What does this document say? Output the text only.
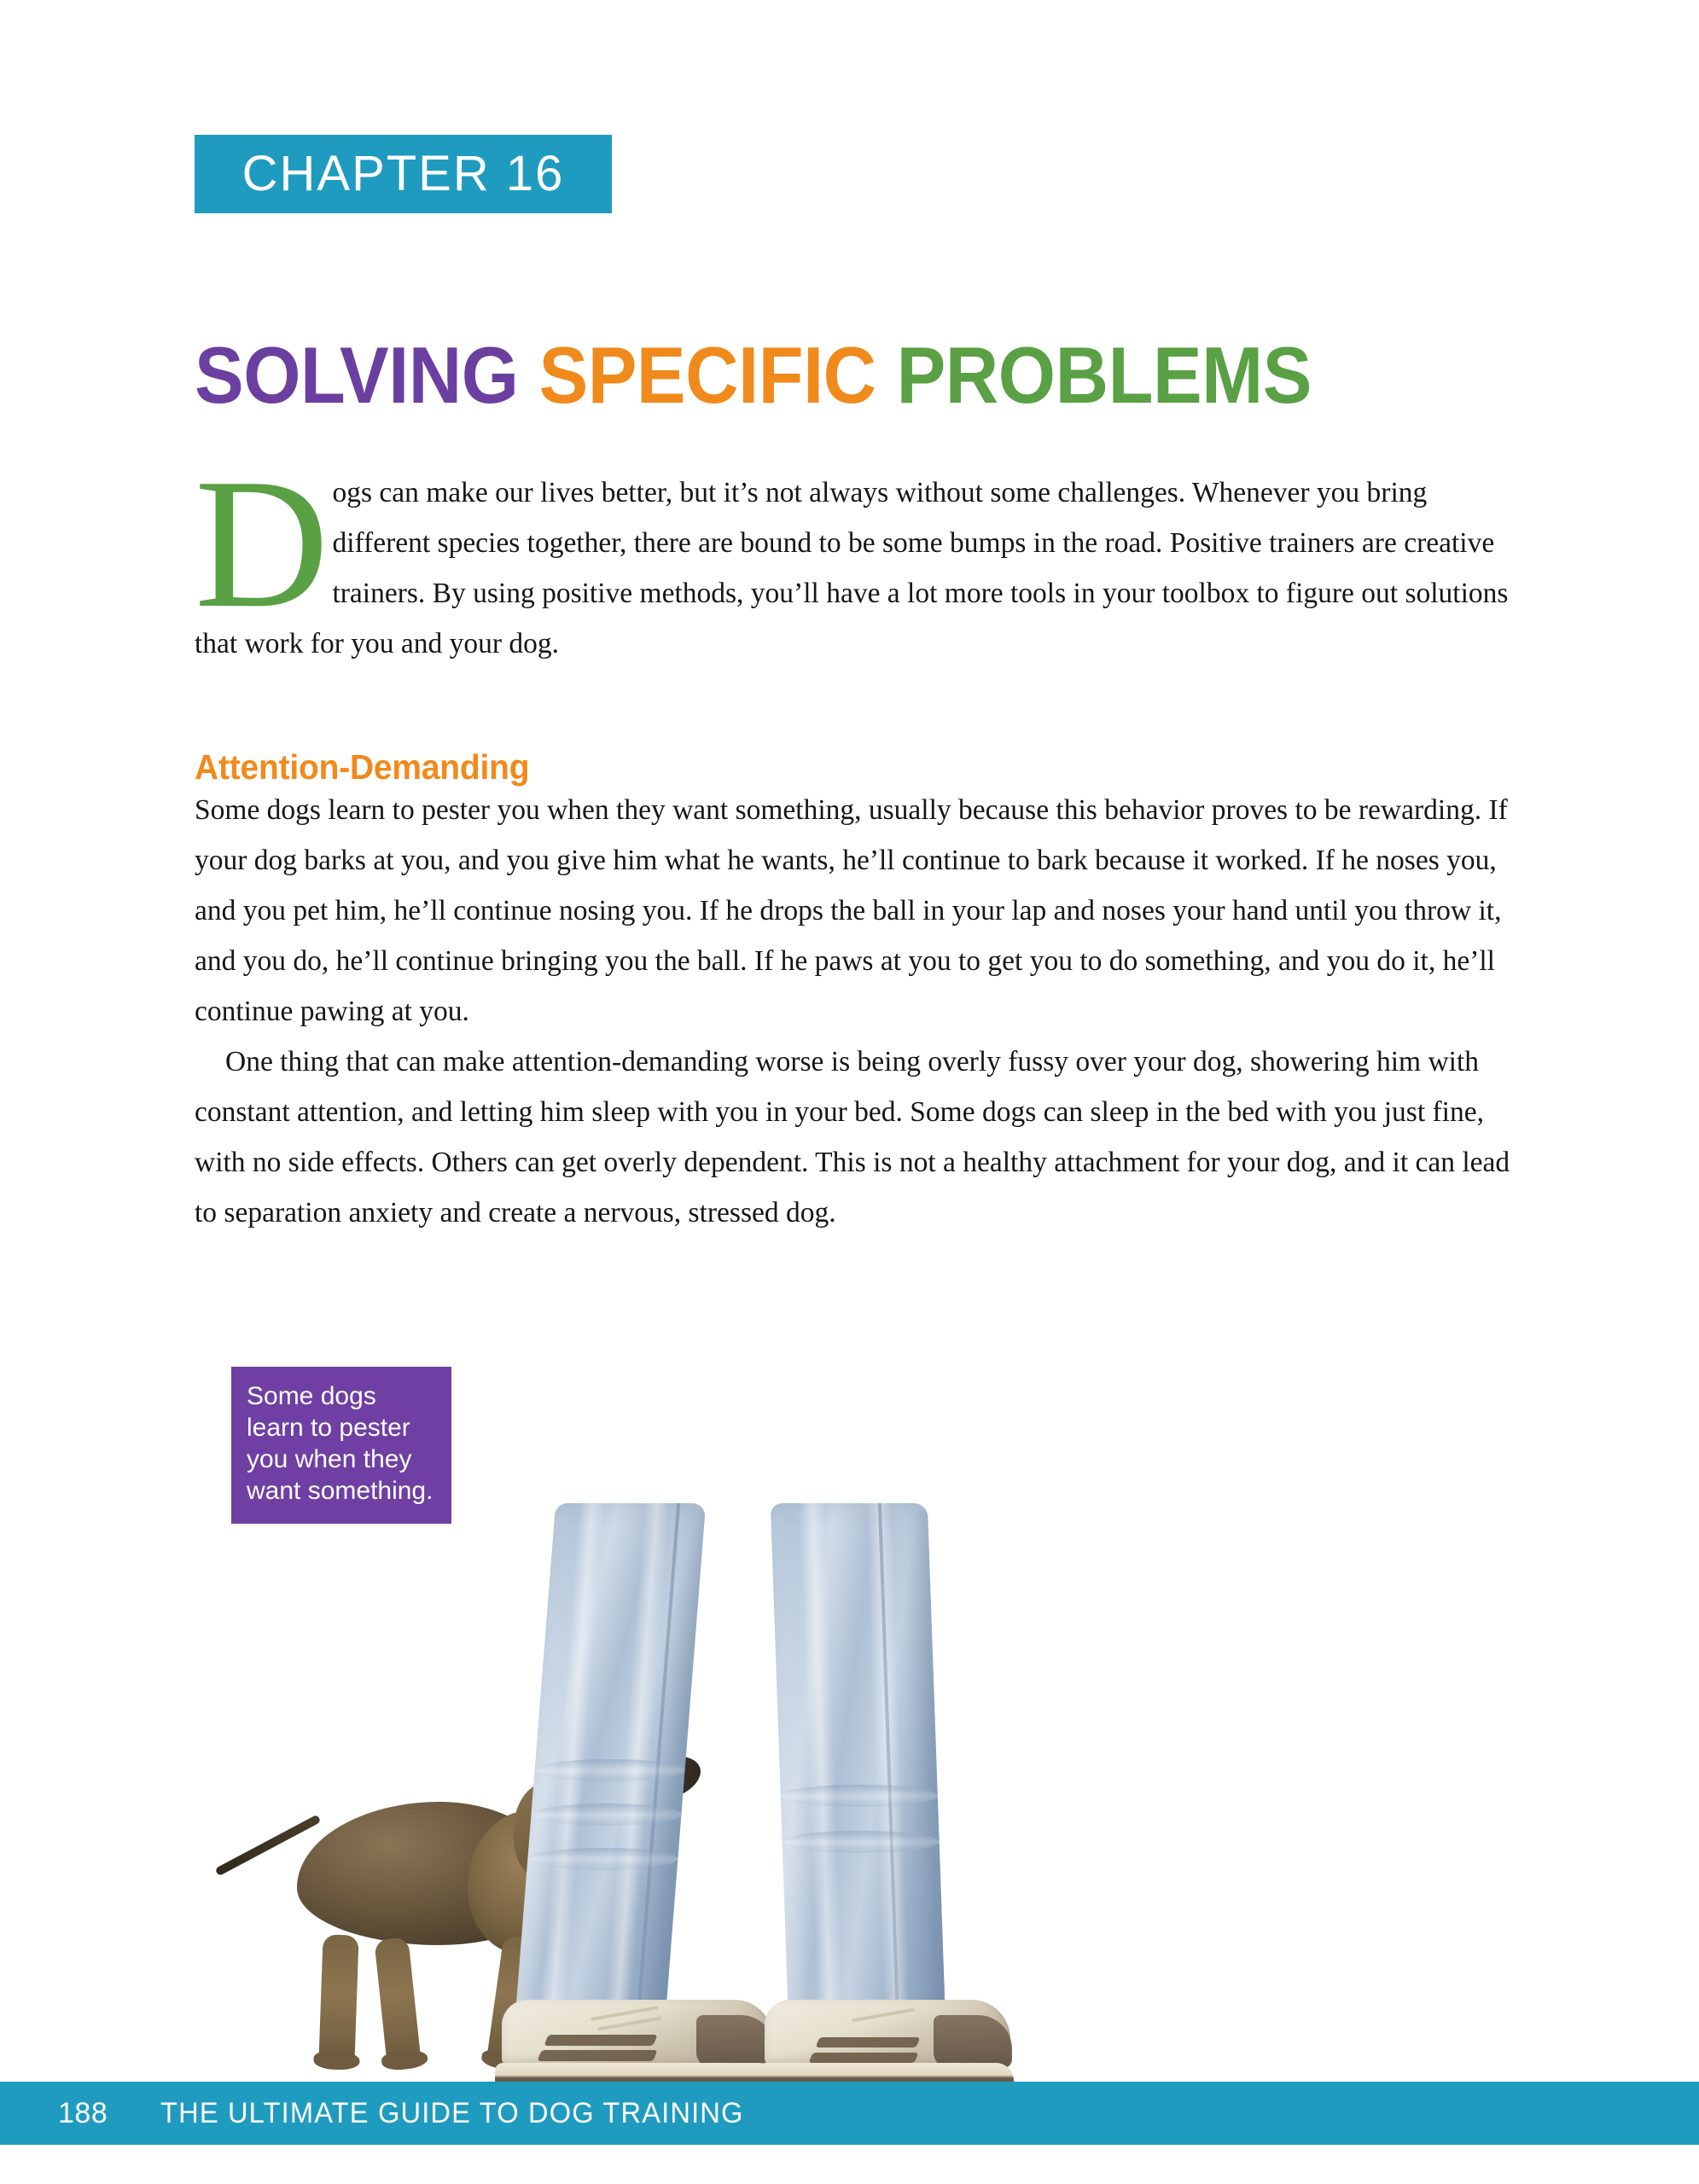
CHAPTER 16
SOLVING SPECIFIC PROBLEMS
D ogs can make our lives better, but it’s not always without some challenges. Whenever you bring different species together, there are bound to be some bumps in the road. Positive trainers are creative trainers. By using positive methods, you’ll have a lot more tools in your toolbox to figure out solutions that work for you and your dog.

Attention-Demanding

Some dogs learn to pester you when they want something, usually because this behavior proves to be rewarding. If your dog barks at you, and you give him what he wants, he’ll continue to bark because it worked. If he noses you, and you pet him, he’ll continue nosing you. If he drops the ball in your lap and noses your hand until you throw it, and you do, he’ll continue bringing you the ball. If he paws at you to get you to do something, and you do it, he’ll continue pawing at you.

One thing that can make attention-demanding worse is being overly fussy over your dog, showering him with constant attention, and letting him sleep with you in your bed. Some dogs can sleep in the bed with you just fine, with no side effects. Others can get overly dependent. This is not a healthy attachment for your dog, and it can lead to separation anxiety and create a nervous, stressed dog.

Some dogs learn to pester you when they want something.
188 THE ULTIMATE GUIDE TO DOG TRAINING
